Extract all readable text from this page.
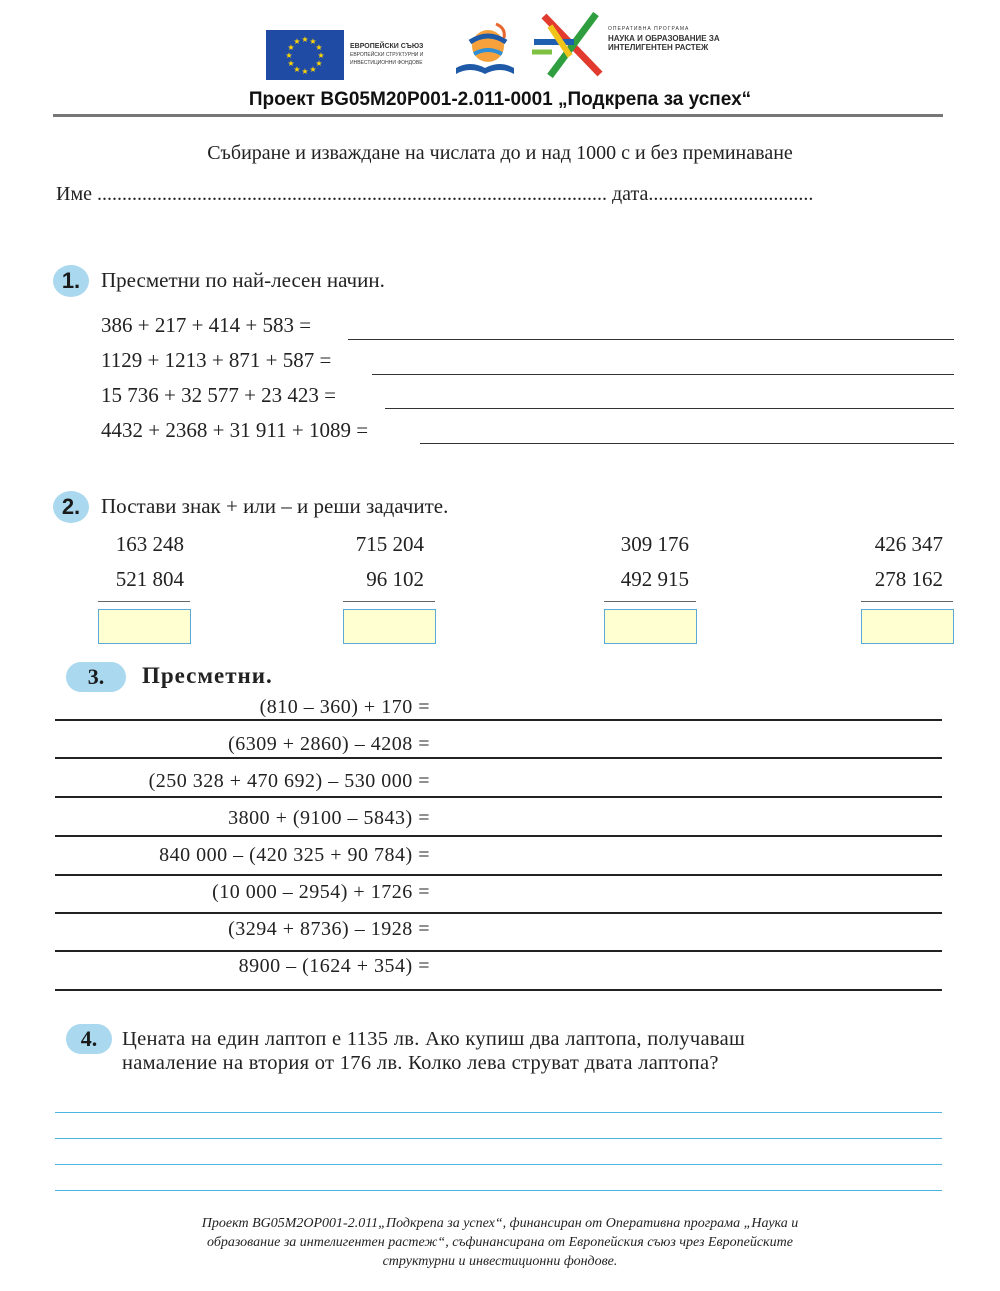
★ ★
★
★
★
★
★
★
★
★
★
★
ЕВРОПЕЙСКИ СЪЮЗ
ЕВРОПЕЙСКИ СТРУКТУРНИ И
ИНВЕСТИЦИОННИ ФОНДОВЕ
ОПЕРАТИВНА ПРОГРАМА
НАУКА И ОБРАЗОВАНИЕ ЗА
ИНТЕЛИГЕНТЕН РАСТЕЖ
Проект BG05M20P001-2.011-0001 „Подкрепа за успех“
Събиране и изваждане на числата до и над 1000 с и без преминаване
Име ...................................................................................................... дата.................................
1. Пресметни по най-лесен начин.
386 + 217 + 414 + 583 =
1129 + 1213 + 871 + 587 =
15 736 + 32 577 + 23 423 =
4432 + 2368 + 31 911 + 1089 =
2. Постави знак + или – и реши задачите.
163 248
521 804
715 204
96 102
309 176
492 915
426 347
278 162
3.	Пресметни.
(810 – 360) + 170 =
(6309 + 2860) – 4208 =
(250 328 + 470 692) – 530 000 =
3800 + (9100 – 5843) =
840 000 – (420 325 + 90 784) =
(10 000 – 2954) + 1726 =
(3294 + 8736) – 1928 =
8900 – (1624 + 354) =
4.	Цената на един лаптоп е 1135 лв. Ако купиш два лаптопа, получаваш
намаление на втория от 176 лв. Колко лева струват двата лаптопа?
Проект BG05M2OP001-2.011„Подкрепа за успех“, финансиран от Оперативна програма „Наука и
образование за интелигентен растеж“, съфинансирана от Европейския съюз чрез Европейските
структурни и инвестиционни фондове.
